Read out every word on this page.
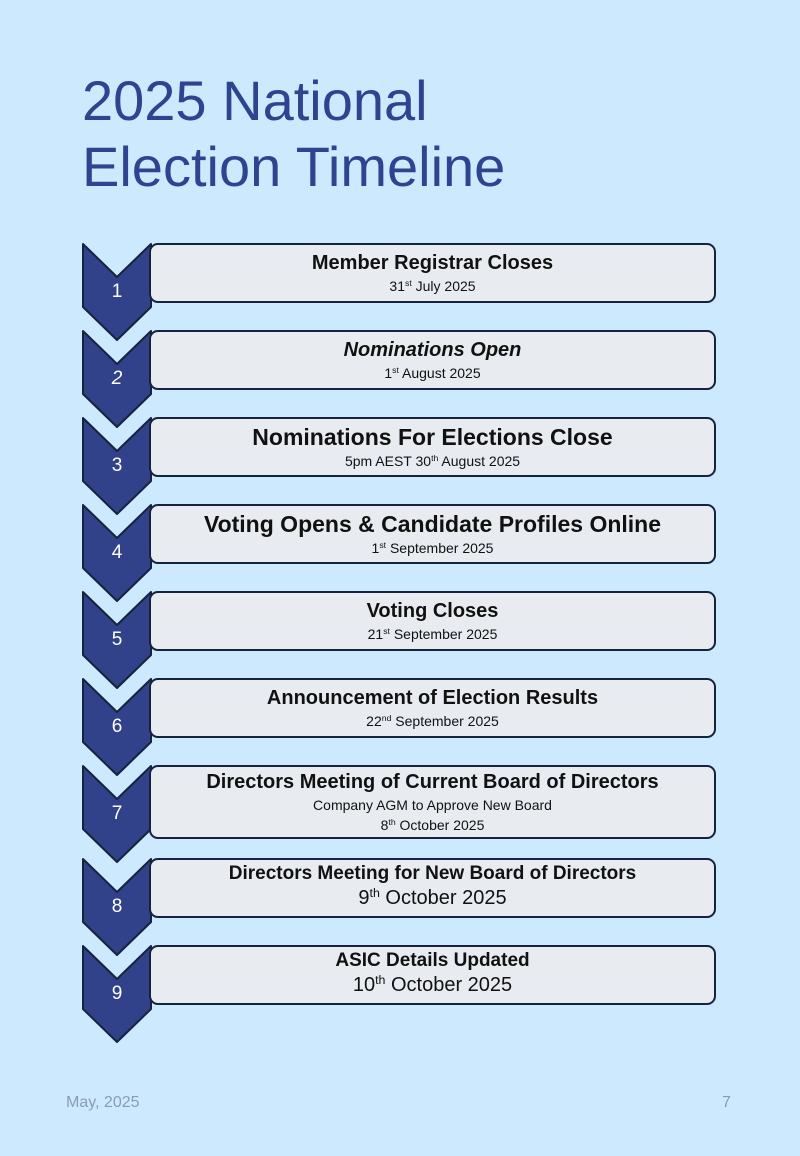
2025 National
Election Timeline
1
Member Registrar Closes
31st July 2025
2
Nominations Open
1st August 2025
3
Nominations For Elections Close
5pm AEST 30th August 2025
4
Voting Opens & Candidate Profiles Online
1st September 2025
5
Voting Closes
21st September 2025
6
Announcement of Election Results
22nd September 2025
7
Directors Meeting of Current Board of Directors
Company AGM to Approve New Board
8th October 2025
8
Directors Meeting for New Board of Directors
9th October 2025
9
ASIC Details Updated
10th October 2025
May, 2025	7
